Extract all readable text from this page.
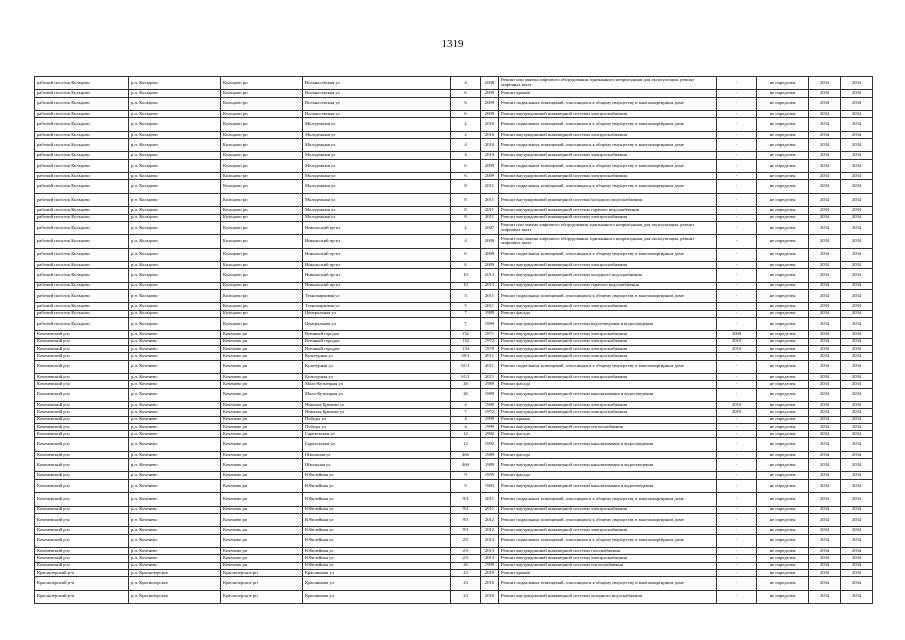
1319
рабочий поселок Кольцово	р.п. Кольцово	Кольцово рп	Вольносевская ул	4	2008	Ремонт или замена лифтового оборудования, признанного непригодным для эксплуатации, ремонт лифтовых шахт	-	не определен	2034	2034
рабочий поселок Кольцово	р.п. Кольцово	Кольцово рп	Вольносевская ул	6	2009	Ремонт крыши	-	не определен	2034	2034
рабочий поселок Кольцово	р.п. Кольцово	Кольцово рп	Вольносевская ул	6	2009	Ремонт подвальных помещений, относящихся к общему имуществу в многоквартирном доме	-	не определен	2034	2034
рабочий поселок Кольцово	р.п. Кольцово	Кольцово рп	Вольносевская ул	6	2009	Ремонт внутридомовой инженерной системы электроснабжения	-	не определен	2034	2034
рабочий поселок Кольцово	р.п. Кольцово	Кольцово рп	Молодежная ул	2	2010	Ремонт подвальных помещений, относящихся к общему имуществу в многоквартирном доме	-	не определен	2034	2034
рабочий поселок Кольцово	р.п. Кольцово	Кольцово рп	Молодежная ул	2	2010	Ремонт внутридомовой инженерной системы электроснабжения	-	не определен	2034	2034
рабочий поселок Кольцово	р.п. Кольцово	Кольцово рп	Молодежная ул	4	2010	Ремонт подвальных помещений, относящихся к общему имуществу в многоквартирном доме	-	не определен	2034	2034
рабочий поселок Кольцово	р.п. Кольцово	Кольцово рп	Молодежная ул	4	2010	Ремонт внутридомовой инженерной системы электроснабжения	-	не определен	2034	2034
рабочий поселок Кольцово	р.п. Кольцово	Кольцово рп	Молодежная ул	6	2009	Ремонт подвальных помещений, относящихся к общему имуществу в многоквартирном доме	-	не определен	2034	2034
рабочий поселок Кольцово	р.п. Кольцово	Кольцово рп	Молодежная ул	6	2009	Ремонт внутридомовой инженерной системы электроснабжения	-	не определен	2034	2034
рабочий поселок Кольцово	р.п. Кольцово	Кольцово рп	Молодежная ул	8	2011	Ремонт подвальных помещений, относящихся к общему имуществу в многоквартирном доме	-	не определен	2034	2034
рабочий поселок Кольцово	р.п. Кольцово	Кольцово рп	Молодежная ул	8	2011	Ремонт внутридомовой инженерной системы холодного водоснабжения	-	не определен	2034	2034
рабочий поселок Кольцово	р.п. Кольцово	Кольцово рп	Молодежная ул	8	2011	Ремонт внутридомовой инженерной системы горячего водоснабжения	-	не определен	2034	2034
рабочий поселок Кольцово	р.п. Кольцово	Кольцово рп	Молодежная ул	8	2011	Ремонт внутридомовой инженерной системы электроснабжения	-	не определен	2034	2034
рабочий поселок Кольцово	р.п. Кольцово	Кольцово рп	Никольский пр-кт	2	2007	Ремонт или замена лифтового оборудования, признанного непригодным для эксплуатации, ремонт лифтовых шахт	-	не определен	2034	2034
рабочий поселок Кольцово	р.п. Кольцово	Кольцово рп	Никольский пр-кт	4	2008	Ремонт или замена лифтового оборудования, признанного непригодным для эксплуатации, ремонт лифтовых шахт	-	не определен	2034	2034
рабочий поселок Кольцово	р.п. Кольцово	Кольцово рп	Никольский пр-кт	6	2009	Ремонт подвальных помещений, относящихся к общему имуществу в многоквартирном доме	-	не определен	2034	2034
рабочий поселок Кольцово	р.п. Кольцово	Кольцово рп	Никольский пр-кт	6	2009	Ремонт внутридомовой инженерной системы электроснабжения	-	не определен	2034	2034
рабочий поселок Кольцово	р.п. Кольцово	Кольцово рп	Никольский пр-кт	10	2013	Ремонт внутридомовой инженерной системы холодного водоснабжения	-	не определен	2034	2034
рабочий поселок Кольцово	р.п. Кольцово	Кольцово рп	Никольский пр-кт	10	2013	Ремонт внутридомовой инженерной системы горячего водоснабжения	-	не определен	2034	2034
рабочий поселок Кольцово	р.п. Кольцово	Кольцово рп	Технопарковая ул	5	2011	Ремонт подвальных помещений, относящихся к общему имуществу в многоквартирном доме	-	не определен	2034	2034
рабочий поселок Кольцово	р.п. Кольцово	Кольцово рп	Технопарковая ул	5	2011	Ремонт внутридомовой инженерной системы электроснабжения	-	не определен	2034	2034
рабочий поселок Кольцово	р.п. Кольцово	Кольцово рп	Центральная ул	7	1989	Ремонт фасада	-	не определен	2034	2034
рабочий поселок Кольцово	р.п. Кольцово	Кольцово рп	Центральная ул	7	1989	Ремонт внутридомовой инженерной системы водоотведения и водоотведения	-	не определен	2034	2034
Коченевский р-н	р.п. Коченево	Коченево рп	Военный городок	132	1971	Ремонт внутридомовой инженерной системы электроснабжения	2000	не определен	2034	2034
Коченевский р-н	р.п. Коченево	Коченево рп	Военный городок	132	1972	Ремонт внутридомовой инженерной системы электроснабжения	2010	не определен	2034	2034
Коченевский р-н	р.п. Коченево	Коченево рп	Военный городок	134	1979	Ремонт внутридомовой инженерной системы электроснабжения	2010	не определен	2034	2034
Коченевский р-н	р.п. Коченево	Коченево рп	Культурная ул	59/1	2011	Ремонт внутридомовой инженерной системы электроснабжения	-	не определен	2034	2034
Коченевский р-н	р.п. Коченево	Коченево рп	Культурная ул	61/1	2011	Ремонт подвальных помещений, относящихся к общему имуществу в многоквартирном доме	-	не определен	2034	2034
Коченевский р-н	р.п. Коченево	Коченево рп	Культурная ул	61/1	2011	Ремонт внутридомовой инженерной системы электроснабжения	-	не определен	2034	2034
Коченевский р-н	р.п. Коченево	Коченево рп	Мало-Кузнецкая ул	26	1989	Ремонт фасада	-	не определен	2034	2034
Коченевский р-н	р.п. Коченево	Коченево рп	Мало-Кузнецкая ул	26	1989	Ремонт внутридомовой инженерной системы канализования и водоотведения	-	не определен	2034	2034
Коченевский р-н	р.п. Коченево	Коченево рп	Николая Брюшко ул	4	1980	Ремонт внутридомовой инженерной системы электроснабжения	2010	не определен	2034	2034
Коченевский р-н	р.п. Коченево	Коченево рп	Николая Брюшко ул	7	1972	Ремонт внутридомовой инженерной системы электроснабжения	2010	не определен	2034	2034
Коченевский р-н	р.п. Коченево	Коченево рп	Победы ул	4	1999	Ремонт крыши	-	не определен	2034	2034
Коченевский р-н	р.п. Коченево	Коченево рп	Победы ул	4	1999	Ремонт внутридомовой инженерной системы теплоснабжения	-	не определен	2034	2034
Коченевский р-н	р.п. Коченево	Коченево рп	Саратовская ул	12	1992	Ремонт фасада	-	не определен	2034	2034
Коченевский р-н	р.п. Коченево	Коченево рп	Саратовская ул	12	1992	Ремонт внутридомовой инженерной системы канализования и водоотведения	-	не определен	2034	2034
Коченевский р-н	р.п. Коченево	Коченево рп	Школьная ул	46б	1989	Ремонт фасада	-	не определен	2034	2034
Коченевский р-н	р.п. Коченево	Коченево рп	Школьная ул	46б	1989	Ремонт внутридомовой инженерной системы канализования и водоотведения	-	не определен	2034	2034
Коченевский р-н	р.п. Коченево	Коченево рп	Юбилейная ул	9	1959	Ремонт фасада	-	не определен	2034	2034
Коченевский р-н	р.п. Коченево	Коченево рп	Юбилейная ул	9	1983	Ремонт внутридомовой инженерной системы канализования и водоотведения	-	не определен	2034	2034
Коченевский р-н	р.п. Коченево	Коченево рп	Юбилейная ул	9/2	2011	Ремонт подвальных помещений, относящихся к общему имуществу в многоквартирном доме	-	не определен	2034	2034
Коченевский р-н	р.п. Коченево	Коченево рп	Юбилейная ул	9/2	2011	Ремонт внутридомовой инженерной системы электроснабжения	-	не определен	2034	2034
Коченевский р-н	р.п. Коченево	Коченево рп	Юбилейная ул	9/3	2012	Ремонт подвальных помещений, относящихся к общему имуществу в многоквартирном доме	-	не определен	2034	2034
Коченевский р-н	р.п. Коченево	Коченево рп	Юбилейная ул	9/3	2012	Ремонт внутридомовой инженерной системы электроснабжения	-	не определен	2034	2034
Коченевский р-н	р.п. Коченево	Коченево рп	Юбилейная ул	2/5	2013	Ремонт подвальных помещений, относящихся к общему имуществу в многоквартирном доме	-	не определен	2034	2034
Коченевский р-н	р.п. Коченево	Коченево рп	Юбилейная ул	2/5	2013	Ремонт внутридомовой инженерной системы газоснабжения	-	не определен	2034	2034
Коченевский р-н	р.п. Коченево	Коченево рп	Юбилейная ул	2/5	2013	Ремонт внутридомовой инженерной системы электроснабжения	-	не определен	2034	2034
Коченевский р-н	р.п. Коченево	Коченево рп	Юбилейная ул	26	1999	Ремонт внутридомовой инженерной системы теплоснабжения	-	не определен	2034	2034
Краснозерский р-н	р.п. Краснозерское	Краснозерское рп	Краснинова ул	23	2010	Ремонт крыши	-	не определен	2034	2034
Краснозерский р-н	р.п. Краснозерское	Краснозерское рп	Краснинова ул	23	2010	Ремонт подвальных помещений, относящихся к общему имуществу в многоквартирном доме	-	не определен	2034	2034
Краснозерский р-н	р.п. Краснозерское	Краснозерское рп	Краснинова ул	23	2010	Ремонт внутридомовой инженерной системы холодного водоснабжения	-	не определен	2034	2034
